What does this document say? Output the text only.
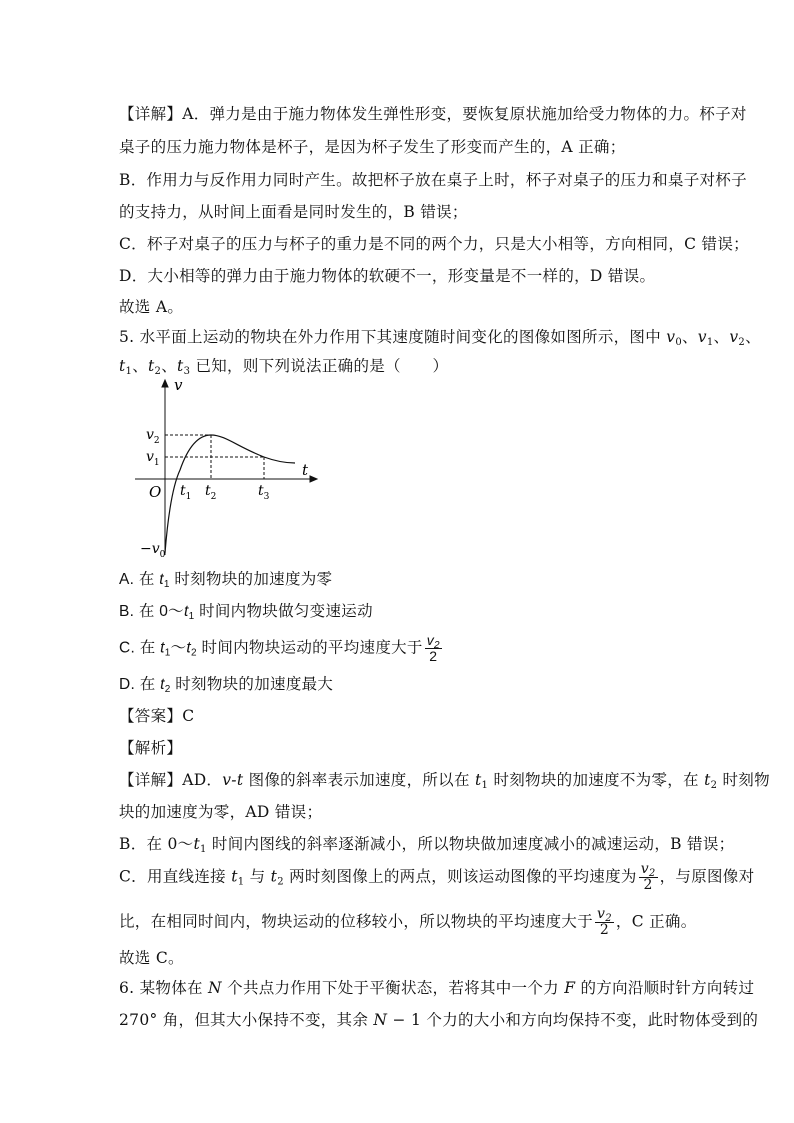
【详解】A．弹力是由于施力物体发生弹性形变，要恢复原状施加给受力物体的力。杯子对
桌子的压力施力物体是杯子，是因为杯子发生了形变而产生的，A 正确；
B．作用力与反作用力同时产生。故把杯子放在桌子上时，杯子对桌子的压力和桌子对杯子
的支持力，从时间上面看是同时发生的，B 错误；
C．杯子对桌子的压力与杯子的重力是不同的两个力，只是大小相等，方向相同，C 错误；
D．大小相等的弹力由于施力物体的软硬不一，形变量是不一样的，D 错误。
故选 A。
5. 水平面上运动的物块在外力作用下其速度随时间变化的图像如图所示，图中 $v_0$、$v_1$、$v_2$、
$t_1$、$t_2$、$t_3$ 已知，则下列说法正确的是（　　）
v
t
O
$v_2$
$v_1$
$-v_0$
$t_1$ $t_2$	$t_3$
A. 在 $t_1$ 时刻物块的加速度为零
B. 在 $0\sim t_1$ 时间内物块做匀变速运动
C. 在 $t_1\sim t_2$ 时间内物块运动的平均速度大于 $\frac{v_2}{2}$
D. 在 $t_2$ 时刻物块的加速度最大
【答案】C
【解析】
【详解】AD．v-t 图像的斜率表示加速度，所以在 $t_1$ 时刻物块的加速度不为零，在 $t_2$ 时刻物
块的加速度为零，AD 错误；
B．在 $0\sim t_1$ 时间内图线的斜率逐渐减小，所以物块做加速度减小的减速运动，B 错误；
C．用直线连接 $t_1$ 与 $t_2$ 两时刻图像上的两点，则该运动图像的平均速度为 $\frac{v_2}{2}$ ，与原图像对
比，在相同时间内，物块运动的位移较小，所以物块的平均速度大于 $\frac{v_2}{2}$ ，C 正确。
故选 C。
6. 某物体在 N 个共点力作用下处于平衡状态，若将其中一个力 F 的方向沿顺时针方向转过
270° 角，但其大小保持不变，其余 N − 1 个力的大小和方向均保持不变，此时物体受到的
